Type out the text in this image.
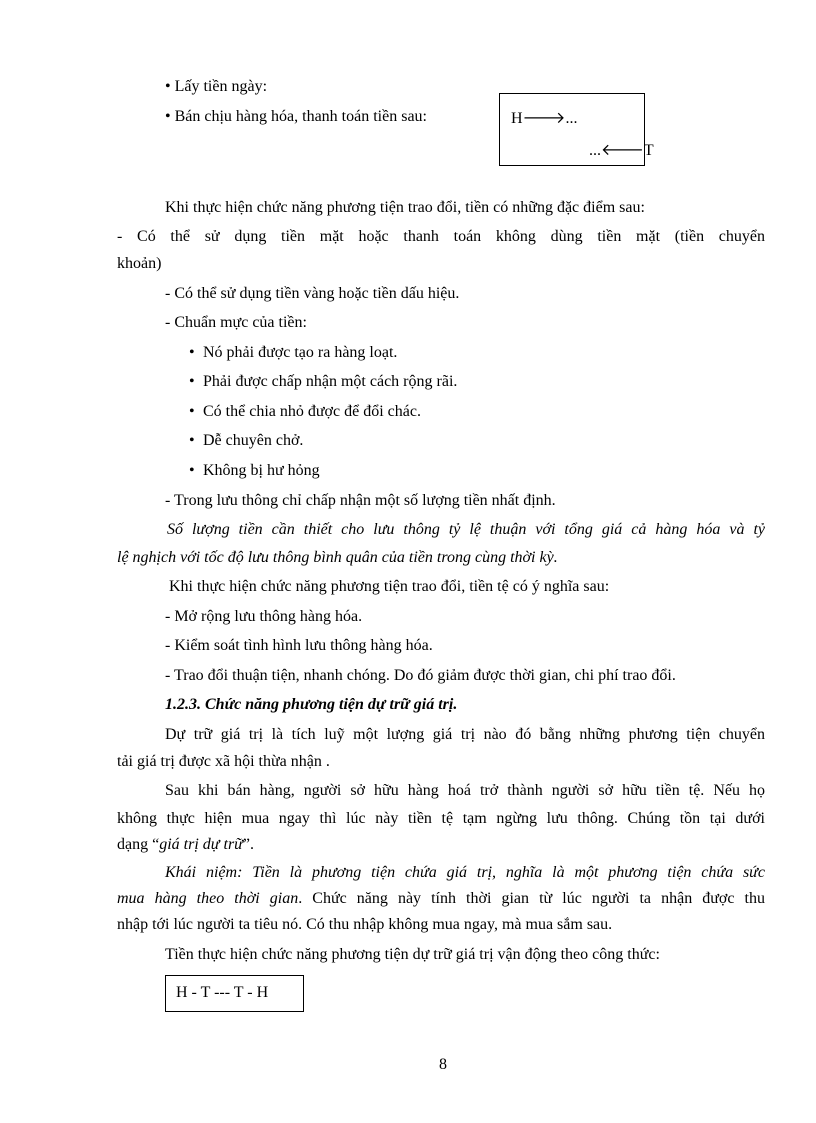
• Lấy tiền ngày:
• Bán chịu hàng hóa, thanh toán tiền sau:	H🡒...
...🡐T
Khi thực hiện chức năng phương tiện trao đổi, tiền có những đặc điểm sau:
- Có thể sử dụng tiền mặt hoặc thanh toán không dùng tiền mặt (tiền chuyển
khoản)
- Có thể sử dụng tiền vàng hoặc tiền dấu hiệu.
- Chuẩn mực của tiền:
• Nó phải được tạo ra hàng loạt.
• Phải được chấp nhận một cách rộng rãi.
• Có thể chia nhỏ được để đổi chác.
• Dễ chuyên chở.
• Không bị hư hỏng
- Trong lưu thông chỉ chấp nhận một số lượng tiền nhất định.
Số lượng tiền cần thiết cho lưu thông tỷ lệ thuận với tổng giá cả hàng hóa và tỷ
lệ nghịch với tốc độ lưu thông bình quân của tiền trong cùng thời kỳ.
Khi thực hiện chức năng phương tiện trao đổi, tiền tệ có ý nghĩa sau:
- Mở rộng lưu thông hàng hóa.
- Kiểm soát tình hình lưu thông hàng hóa.
- Trao đổi thuận tiện, nhanh chóng. Do đó giảm được thời gian, chi phí trao đổi.
1.2.3. Chức năng phương tiện dự trữ giá trị.
Dự trữ giá trị là tích luỹ một lượng giá trị nào đó bằng những phương tiện chuyển
tải giá trị được xã hội thừa nhận .
Sau khi bán hàng, người sở hữu hàng hoá trở thành người sở hữu tiền tệ. Nếu họ
không thực hiện mua ngay thì lúc này tiền tệ tạm ngừng lưu thông. Chúng tồn tại dưới
dạng “giá trị dự trữ”.
Khái niệm: Tiền là phương tiện chứa giá trị, nghĩa là một phương tiện chứa sức
mua hàng theo thời gian. Chức năng này tính thời gian từ lúc người ta nhận được thu
nhập tới lúc người ta tiêu nó. Có thu nhập không mua ngay, mà mua sắm sau.
Tiền thực hiện chức năng phương tiện dự trữ giá trị vận động theo công thức:
H - T --- T - H
8
